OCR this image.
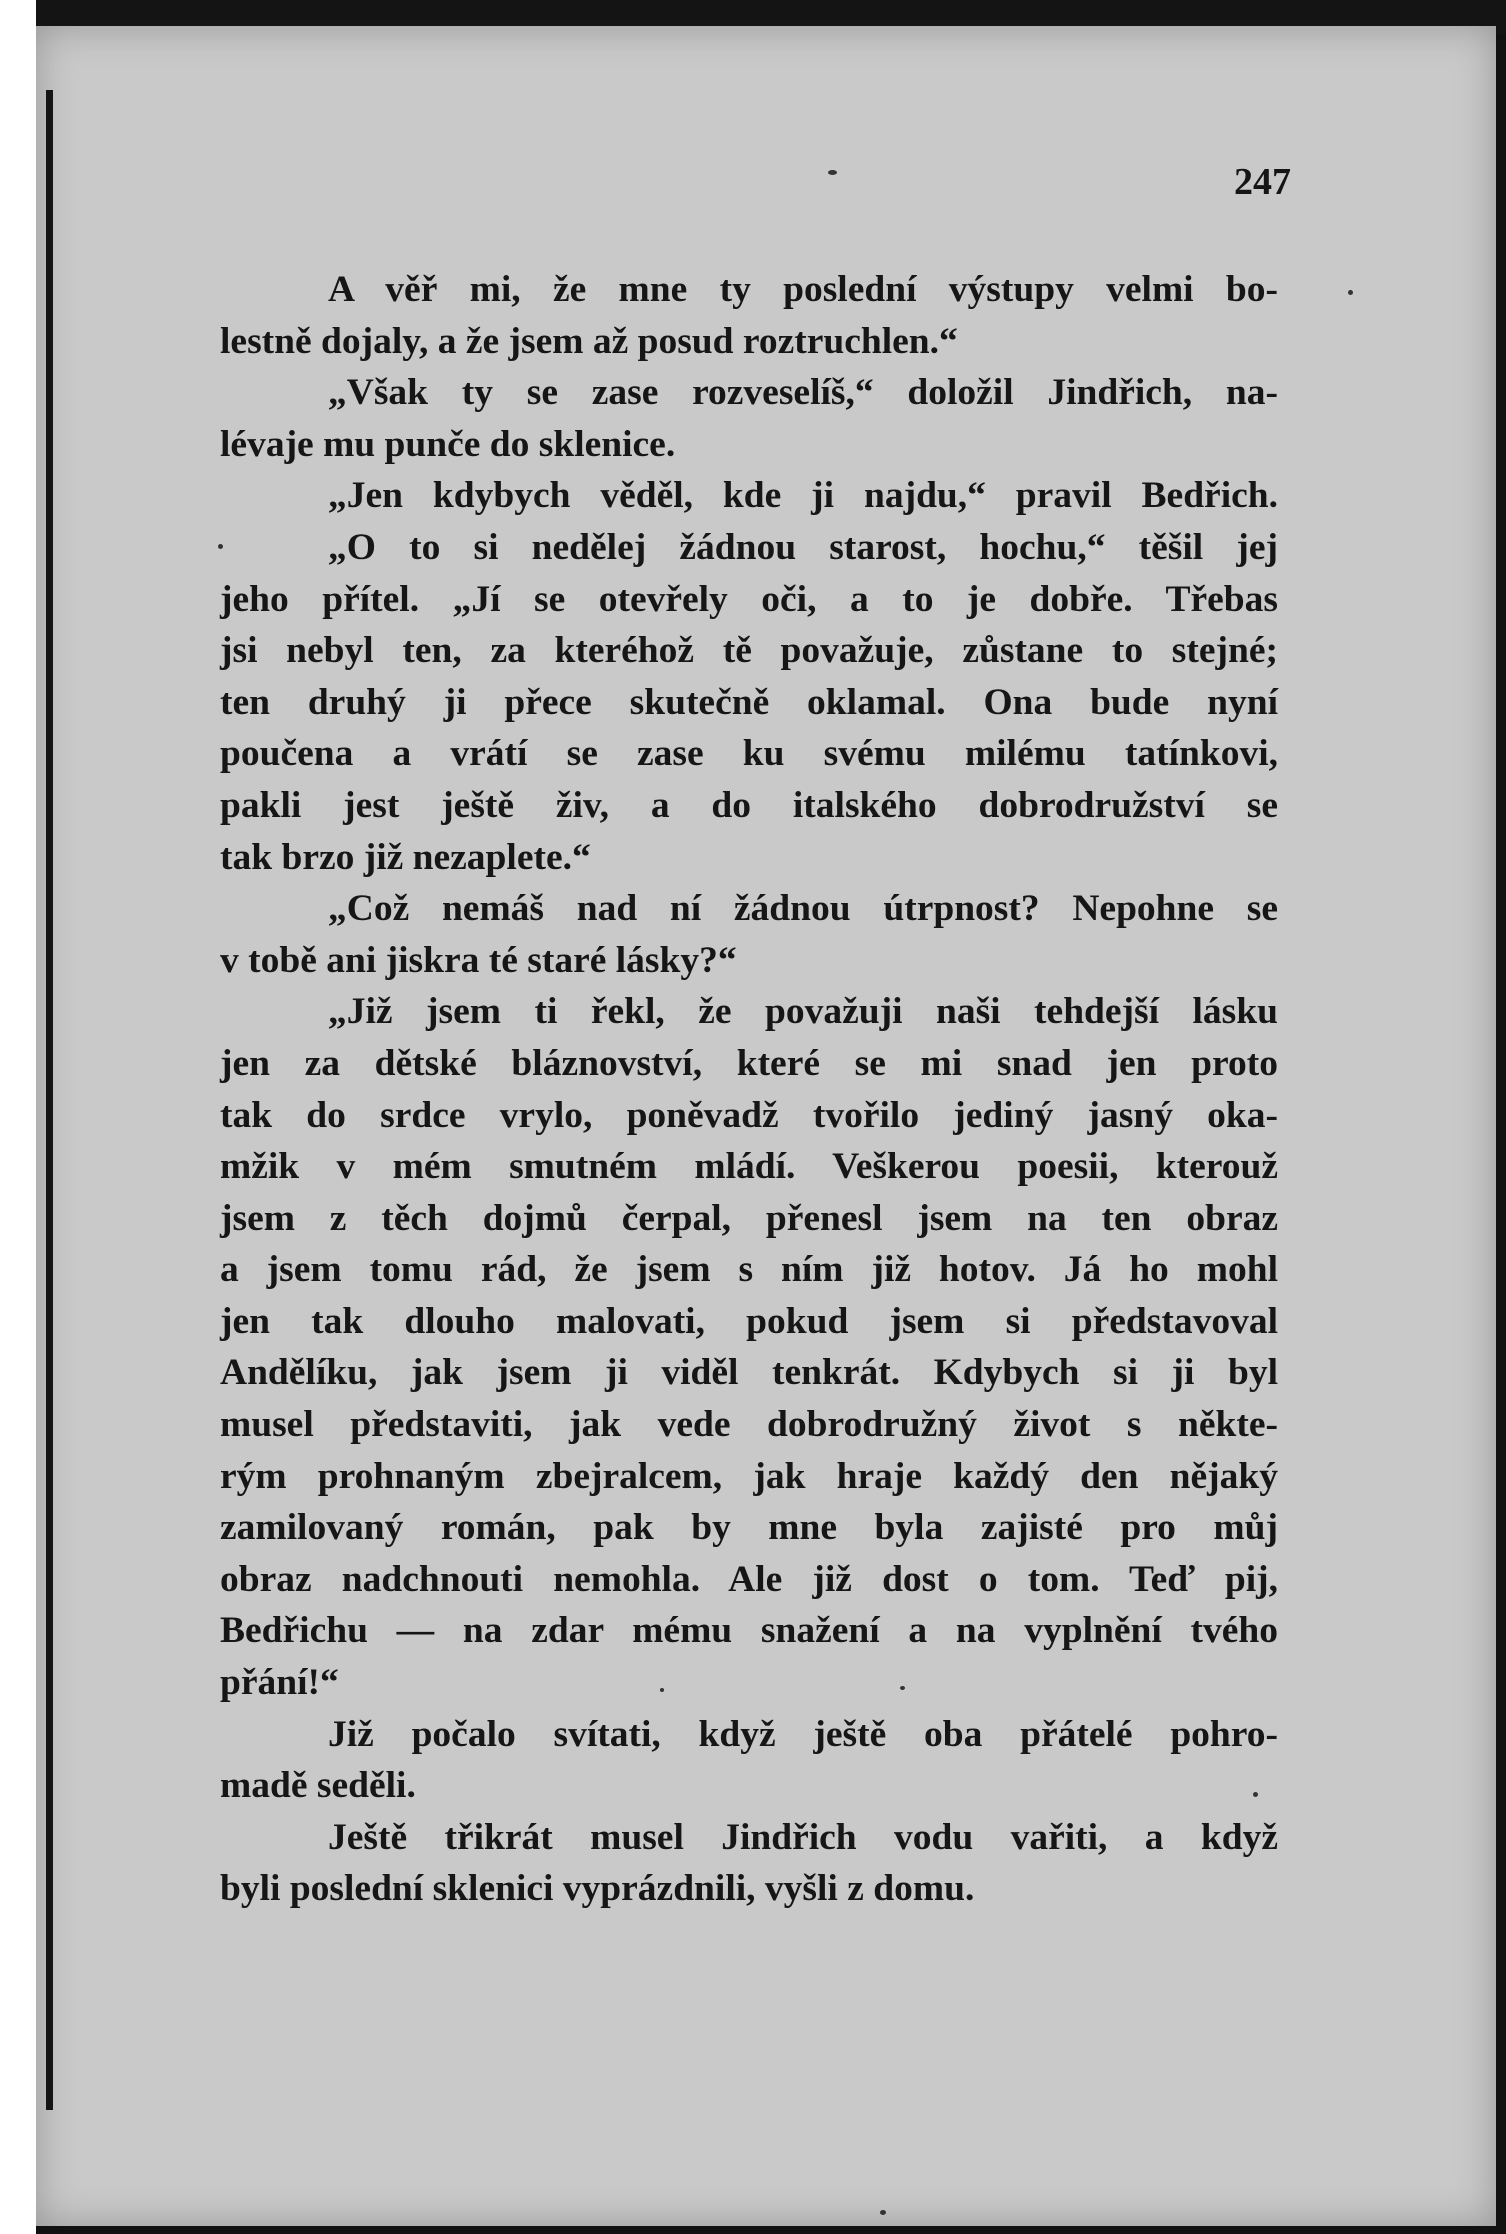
247
A věř mi, že mne ty poslední výstupy velmi bo-
lestně dojaly, a že jsem až posud roztruchlen.“
„Však ty se zase rozveselíš,“ doložil Jindřich, na-
lévaje mu punče do sklenice.
„Jen kdybych věděl, kde ji najdu,“ pravil Bedřich.
„O to si nedělej žádnou starost, hochu,“ těšil jej
jeho přítel. „Jí se otevřely oči, a to je dobře. Třebas
jsi nebyl ten, za kteréhož tě považuje, zůstane to stejné;
ten druhý ji přece skutečně oklamal. Ona bude nyní
poučena a vrátí se zase ku svému milému tatínkovi,
pakli jest ještě živ, a do italského dobrodružství se
tak brzo již nezaplete.“
„Což nemáš nad ní žádnou útrpnost? Nepohne se
v tobě ani jiskra té staré lásky?“
„Již jsem ti řekl, že považuji naši tehdejší lásku
jen za dětské bláznovství, které se mi snad jen proto
tak do srdce vrylo, poněvadž tvořilo jediný jasný oka-
mžik v mém smutném mládí. Veškerou poesii, kterouž
jsem z těch dojmů čerpal, přenesl jsem na ten obraz
a jsem tomu rád, že jsem s ním již hotov. Já ho mohl
jen tak dlouho malovati, pokud jsem si představoval
Andělíku, jak jsem ji viděl tenkrát. Kdybych si ji byl
musel představiti, jak vede dobrodružný život s někte-
rým prohnaným zbejralcem, jak hraje každý den nějaký
zamilovaný román, pak by mne byla zajisté pro můj
obraz nadchnouti nemohla. Ale již dost o tom. Teď pij,
Bedřichu — na zdar mému snažení a na vyplnění tvého
přání!“
Již počalo svítati, když ještě oba přátelé pohro-
madě seděli.
Ještě třikrát musel Jindřich vodu vařiti, a když
byli poslední sklenici vyprázdnili, vyšli z domu.
